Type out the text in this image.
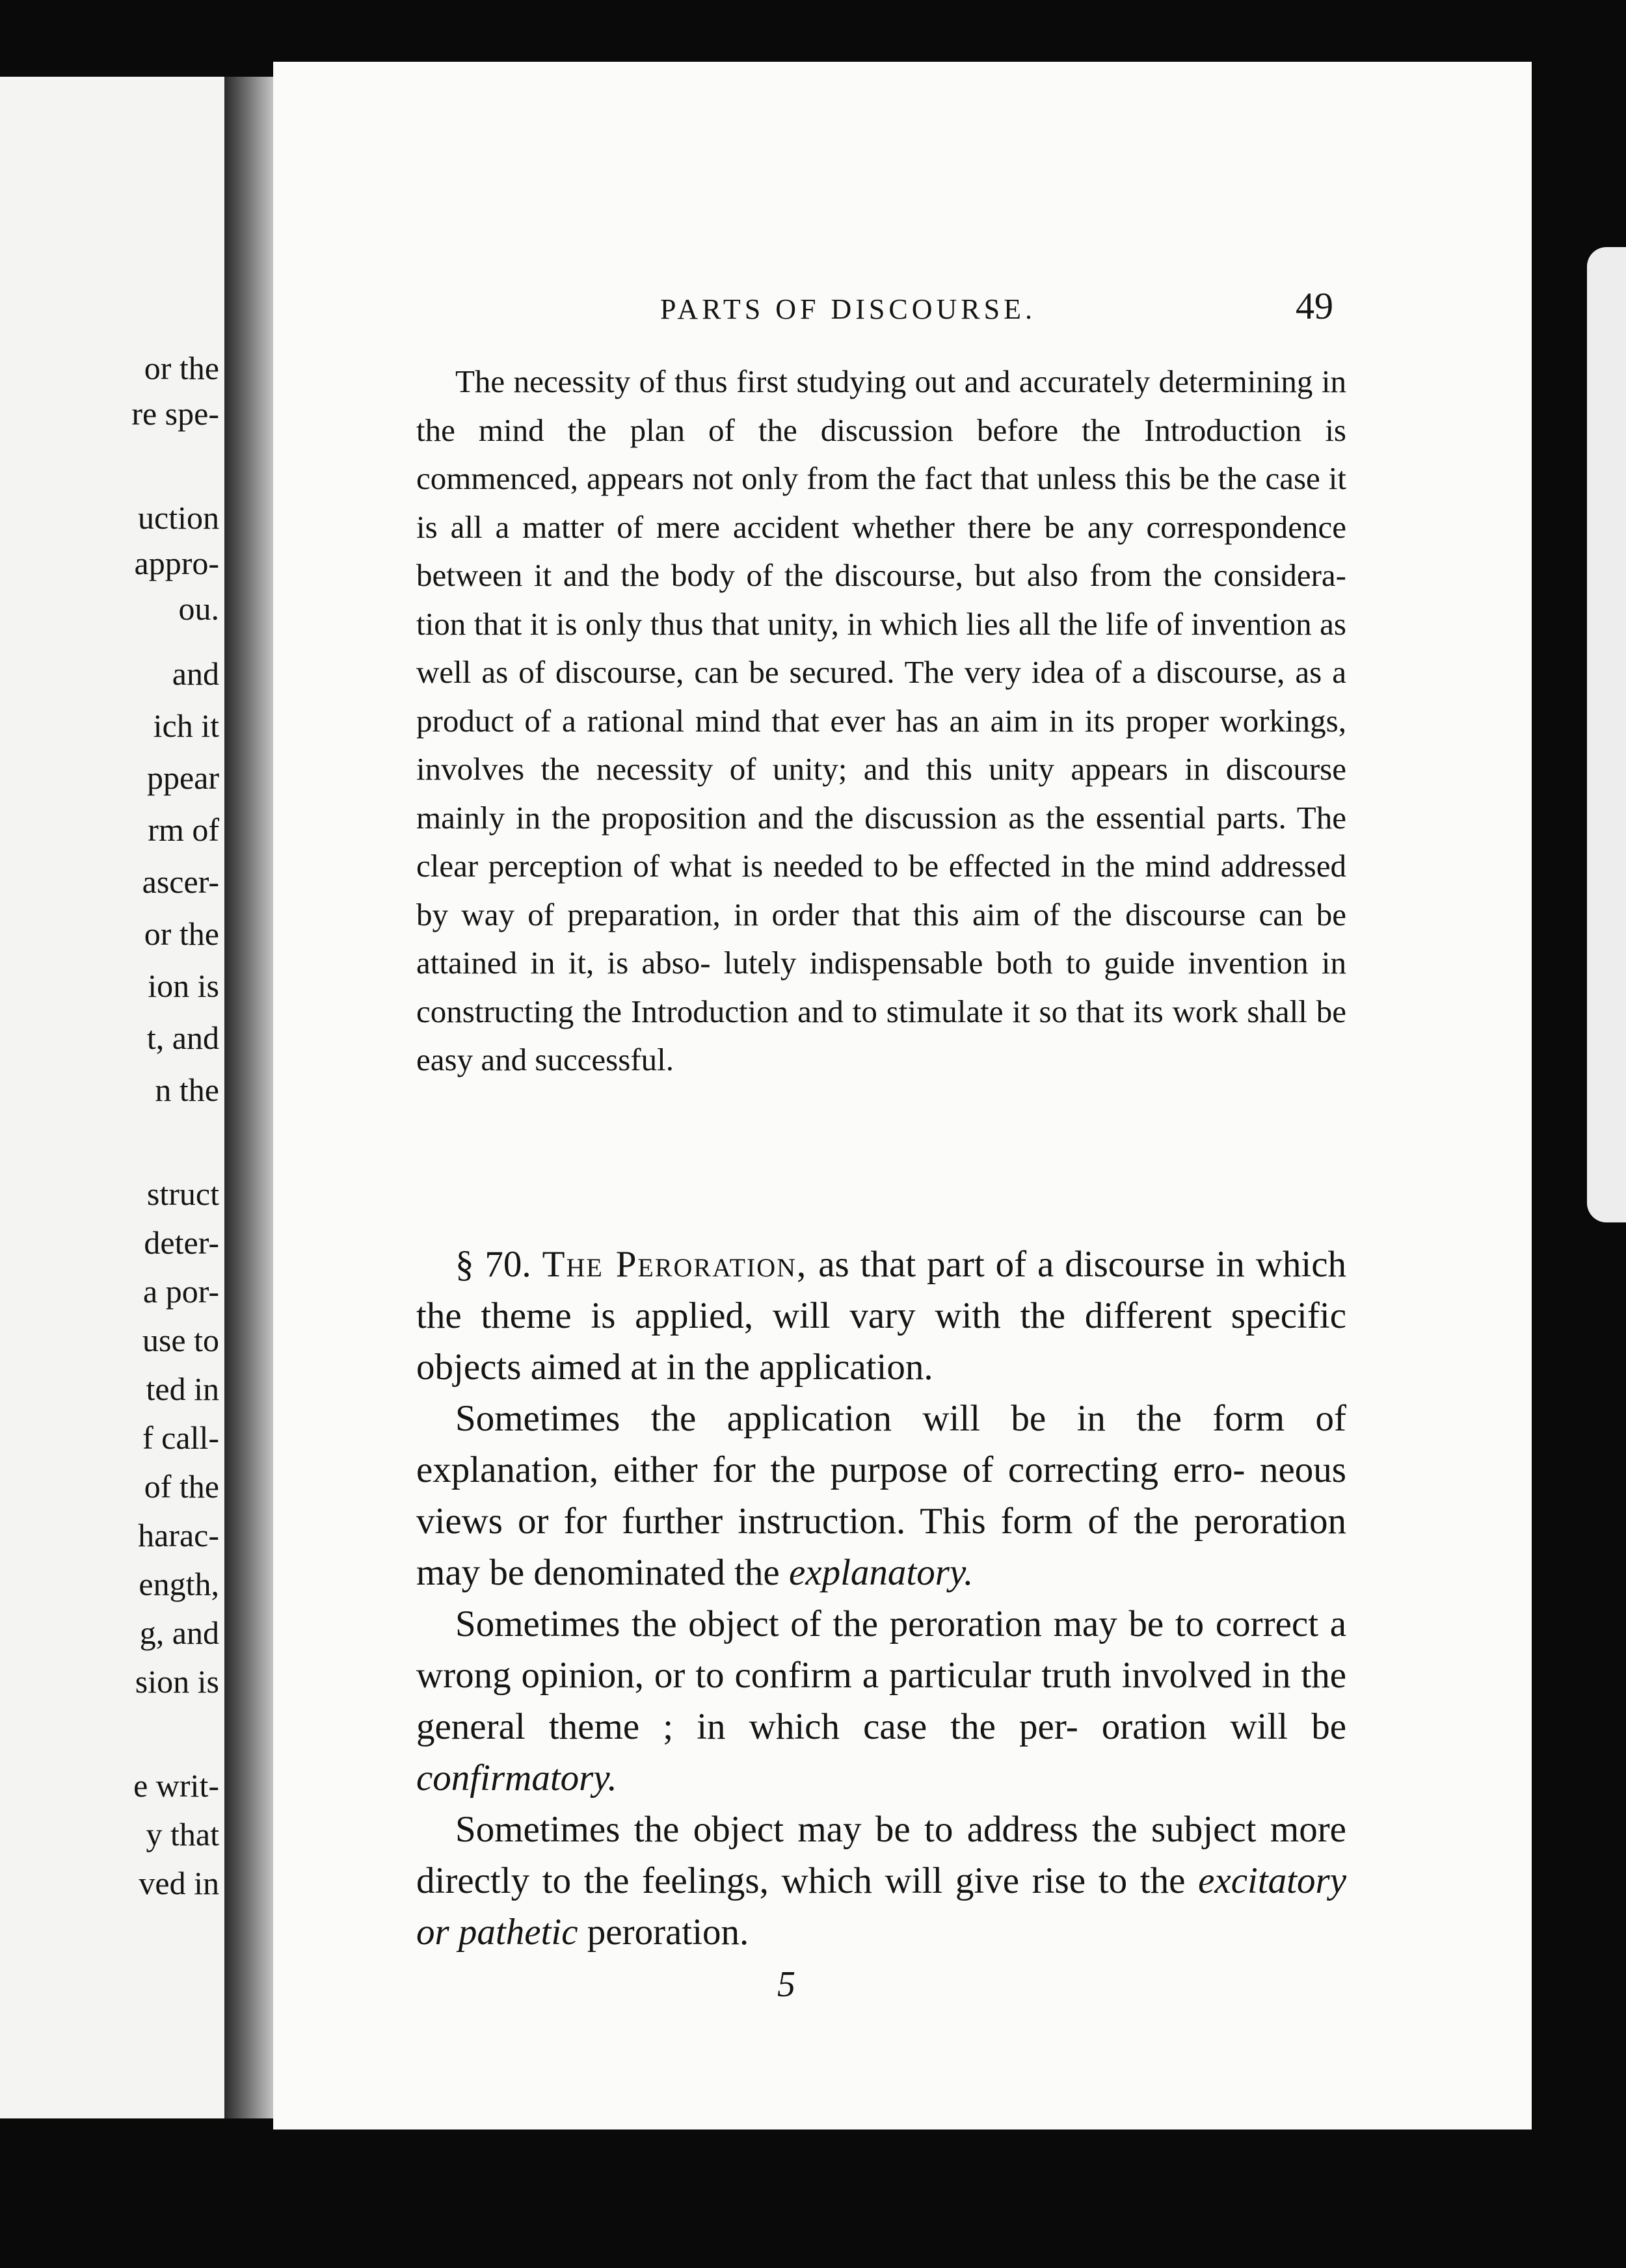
or the
re spe-
uction
appro-
ou.
and
ich it
ppear
rm of
ascer-
or the
ion is
t, and
n the
struct
deter-
a por-
use to
ted in
f call-
of the
harac-
ength,
g, and
sion is
e writ-
y that
ved in
PARTS OF DISCOURSE.	49

The necessity of thus first studying out and accurately determining in the mind the plan of the discussion before the Introduction is commenced, appears not only from the fact that unless this be the case it is all a matter of mere accident whether there be any correspondence between it and the body of the discourse, but also from the considera- tion that it is only thus that unity, in which lies all the life of invention as well as of discourse, can be secured. The very idea of a discourse, as a product of a rational mind that ever has an aim in its proper workings, involves the necessity of unity; and this unity appears in discourse mainly in the proposition and the discussion as the essential parts. The clear perception of what is needed to be effected in the mind addressed by way of preparation, in order that this aim of the discourse can be attained in it, is abso- lutely indispensable both to guide invention in constructing the Introduction and to stimulate it so that its work shall be easy and successful.

§ 70. The Peroration, as that part of a discourse in which the theme is applied, will vary with the different specific objects aimed at in the application.

Sometimes the application will be in the form of explanation, either for the purpose of correcting erro- neous views or for further instruction. This form of the peroration may be denominated the explanatory.

Sometimes the object of the peroration may be to correct a wrong opinion, or to confirm a particular truth involved in the general theme ; in which case the per- oration will be confirmatory.

Sometimes the object may be to address the subject more directly to the feelings, which will give rise to the excitatory or pathetic peroration.

5
